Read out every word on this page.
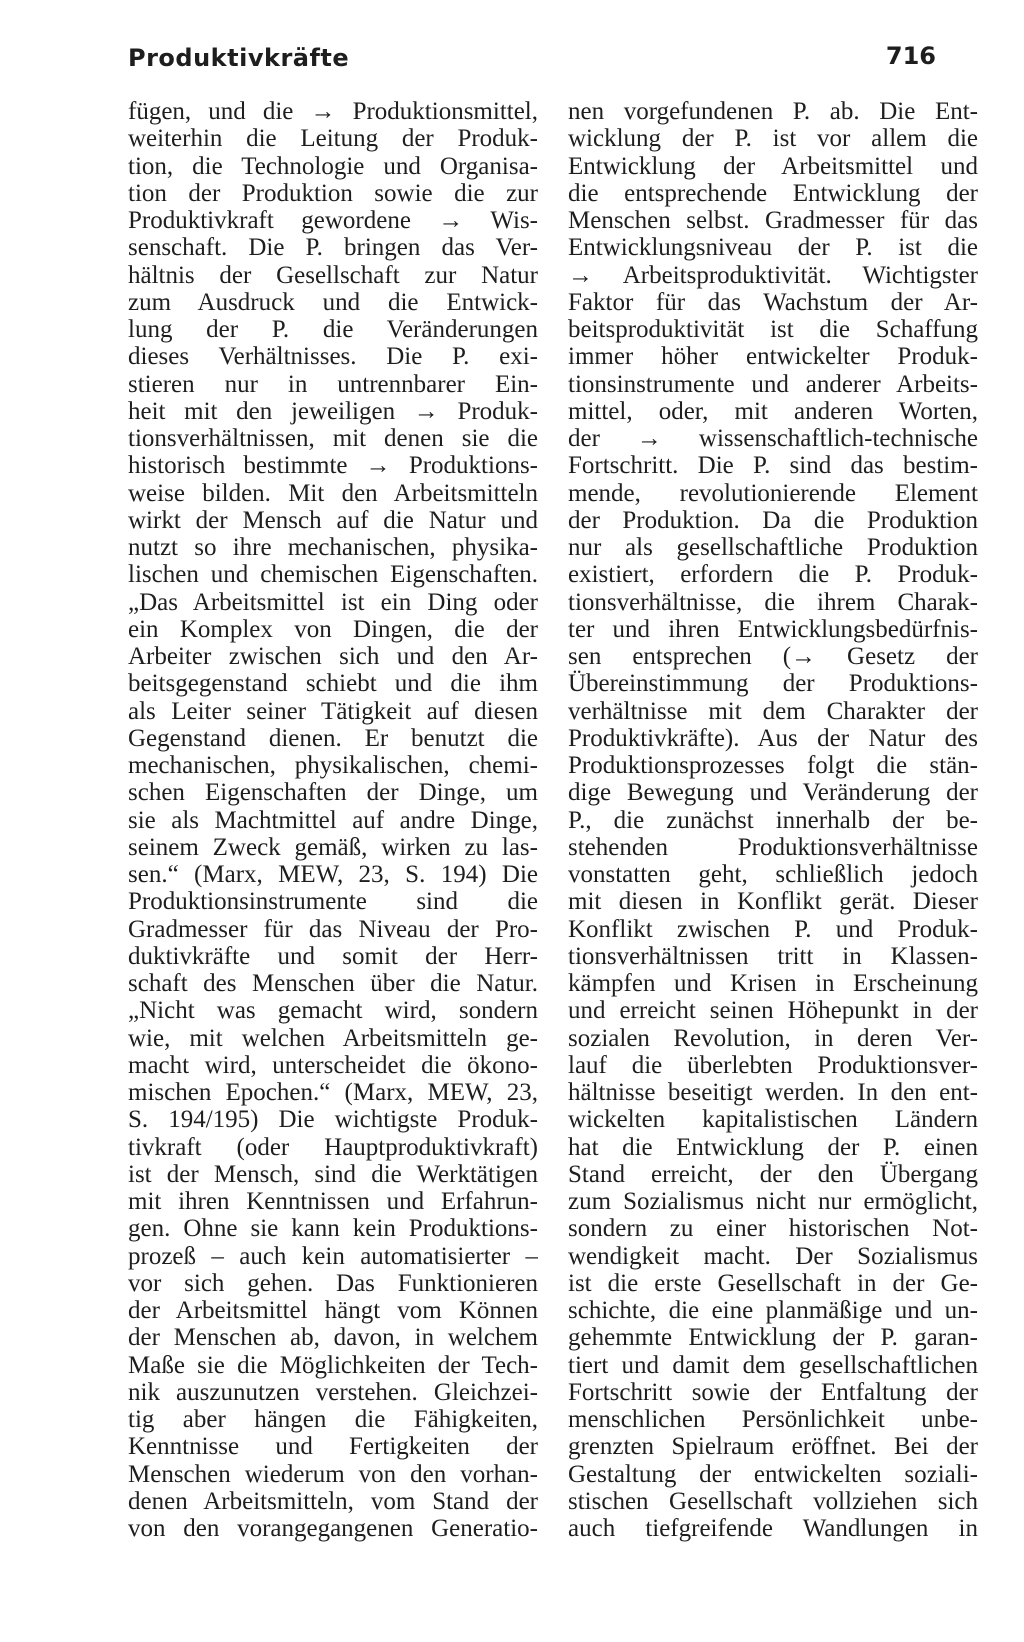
Produktivkräfte	716
fügen, und die → Produktionsmittel,
weiterhin die Leitung der Produk-
tion, die Technologie und Organisa-
tion der Produktion sowie die zur
Produktivkraft gewordene → Wis-
senschaft. Die P. bringen das Ver-
hältnis der Gesellschaft zur Natur
zum Ausdruck und die Entwick-
lung der P. die Veränderungen
dieses Verhältnisses. Die P. exi-
stieren nur in untrennbarer Ein-
heit mit den jeweiligen → Produk-
tionsverhältnissen, mit denen sie die
historisch bestimmte → Produktions-
weise bilden. Mit den Arbeitsmitteln
wirkt der Mensch auf die Natur und
nutzt so ihre mechanischen, physika-
lischen und chemischen Eigenschaften.
„Das Arbeitsmittel ist ein Ding oder
ein Komplex von Dingen, die der
Arbeiter zwischen sich und den Ar-
beitsgegenstand schiebt und die ihm
als Leiter seiner Tätigkeit auf diesen
Gegenstand dienen. Er benutzt die
mechanischen, physikalischen, chemi-
schen Eigenschaften der Dinge, um
sie als Machtmittel auf andre Dinge,
seinem Zweck gemäß, wirken zu las-
sen.“ (Marx, MEW, 23, S. 194) Die
Produktionsinstrumente sind die
Gradmesser für das Niveau der Pro-
duktivkräfte und somit der Herr-
schaft des Menschen über die Natur.
„Nicht was gemacht wird, sondern
wie, mit welchen Arbeitsmitteln ge-
macht wird, unterscheidet die ökono-
mischen Epochen.“ (Marx, MEW, 23,
S. 194/195) Die wichtigste Produk-
tivkraft (oder Hauptproduktivkraft)
ist der Mensch, sind die Werktätigen
mit ihren Kenntnissen und Erfahrun-
gen. Ohne sie kann kein Produktions-
prozeß – auch kein automatisierter –
vor sich gehen. Das Funktionieren
der Arbeitsmittel hängt vom Können
der Menschen ab, davon, in welchem
Maße sie die Möglichkeiten der Tech-
nik auszunutzen verstehen. Gleichzei-
tig aber hängen die Fähigkeiten,
Kenntnisse und Fertigkeiten der
Menschen wiederum von den vorhan-
denen Arbeitsmitteln, vom Stand der
von den vorangegangenen Generatio-
nen vorgefundenen P. ab. Die Ent-
wicklung der P. ist vor allem die
Entwicklung der Arbeitsmittel und
die entsprechende Entwicklung der
Menschen selbst. Gradmesser für das
Entwicklungsniveau der P. ist die
→ Arbeitsproduktivität. Wichtigster
Faktor für das Wachstum der Ar-
beitsproduktivität ist die Schaffung
immer höher entwickelter Produk-
tionsinstrumente und anderer Arbeits-
mittel, oder, mit anderen Worten,
der → wissenschaftlich-technische
Fortschritt. Die P. sind das bestim-
mende, revolutionierende Element
der Produktion. Da die Produktion
nur als gesellschaftliche Produktion
existiert, erfordern die P. Produk-
tionsverhältnisse, die ihrem Charak-
ter und ihren Entwicklungsbedürfnis-
sen entsprechen (→ Gesetz der
Übereinstimmung der Produktions-
verhältnisse mit dem Charakter der
Produktivkräfte). Aus der Natur des
Produktionsprozesses folgt die stän-
dige Bewegung und Veränderung der
P., die zunächst innerhalb der be-
stehenden Produktionsverhältnisse
vonstatten geht, schließlich jedoch
mit diesen in Konflikt gerät. Dieser
Konflikt zwischen P. und Produk-
tionsverhältnissen tritt in Klassen-
kämpfen und Krisen in Erscheinung
und erreicht seinen Höhepunkt in der
sozialen Revolution, in deren Ver-
lauf die überlebten Produktionsver-
hältnisse beseitigt werden. In den ent-
wickelten kapitalistischen Ländern
hat die Entwicklung der P. einen
Stand erreicht, der den Übergang
zum Sozialismus nicht nur ermöglicht,
sondern zu einer historischen Not-
wendigkeit macht. Der Sozialismus
ist die erste Gesellschaft in der Ge-
schichte, die eine planmäßige und un-
gehemmte Entwicklung der P. garan-
tiert und damit dem gesellschaftlichen
Fortschritt sowie der Entfaltung der
menschlichen Persönlichkeit unbe-
grenzten Spielraum eröffnet. Bei der
Gestaltung der entwickelten soziali-
stischen Gesellschaft vollziehen sich
auch tiefgreifende Wandlungen in
